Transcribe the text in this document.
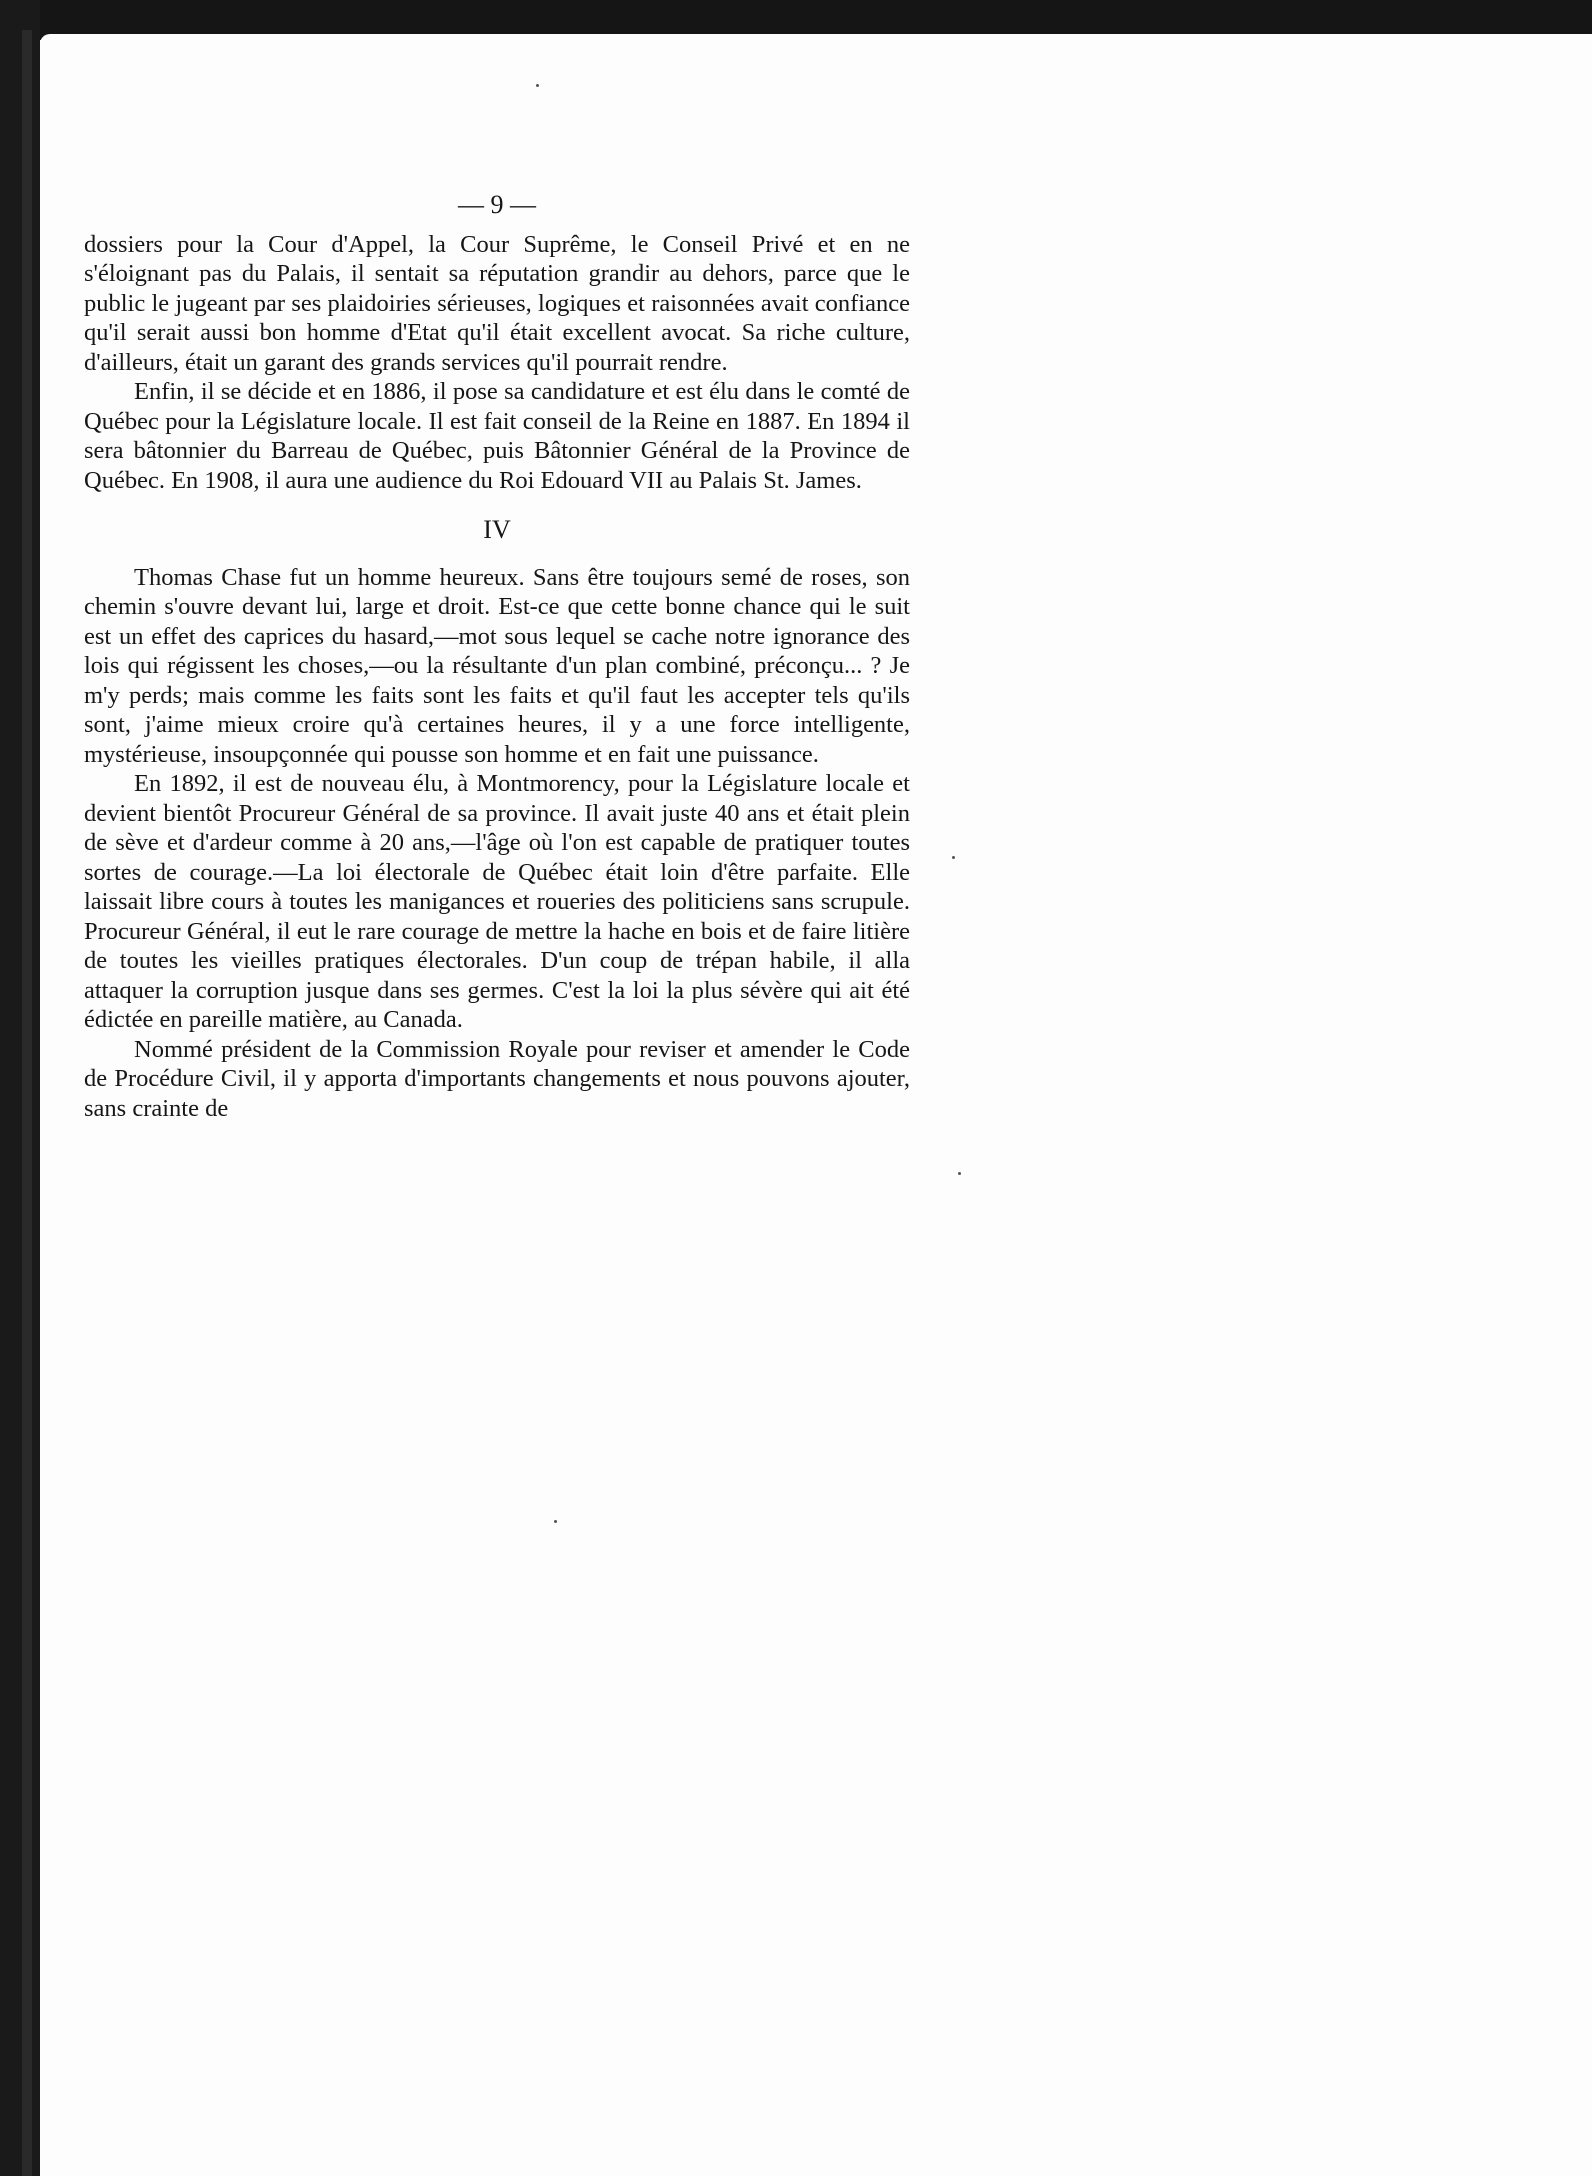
— 9 —

dossiers pour la Cour d'Appel, la Cour Suprême, le Conseil Privé et en ne s'éloignant pas du Palais, il sentait sa réputation grandir au dehors, parce que le public le jugeant par ses plaidoiries sérieuses, logiques et raisonnées avait confiance qu'il serait aussi bon homme d'Etat qu'il était excellent avocat. Sa riche culture, d'ailleurs, était un garant des grands services qu'il pourrait rendre.

Enfin, il se décide et en 1886, il pose sa candidature et est élu dans le comté de Québec pour la Législature locale. Il est fait conseil de la Reine en 1887. En 1894 il sera bâtonnier du Barreau de Québec, puis Bâtonnier Général de la Province de Québec. En 1908, il aura une audience du Roi Edouard VII au Palais St. James.

IV

Thomas Chase fut un homme heureux. Sans être toujours semé de roses, son chemin s'ouvre devant lui, large et droit. Est-ce que cette bonne chance qui le suit est un effet des caprices du hasard,—mot sous lequel se cache notre ignorance des lois qui régissent les choses,—ou la résultante d'un plan combiné, préconçu... ? Je m'y perds; mais comme les faits sont les faits et qu'il faut les accepter tels qu'ils sont, j'aime mieux croire qu'à certaines heures, il y a une force intelligente, mystérieuse, insoupçonnée qui pousse son homme et en fait une puissance.

En 1892, il est de nouveau élu, à Montmorency, pour la Législature locale et devient bientôt Procureur Général de sa province. Il avait juste 40 ans et était plein de sève et d'ardeur comme à 20 ans,—l'âge où l'on est capable de pratiquer toutes sortes de courage.—La loi électorale de Québec était loin d'être parfaite. Elle laissait libre cours à toutes les manigances et roueries des politiciens sans scrupule. Procureur Général, il eut le rare courage de mettre la hache en bois et de faire litière de toutes les vieilles pratiques électorales. D'un coup de trépan habile, il alla attaquer la corruption jusque dans ses germes. C'est la loi la plus sévère qui ait été édictée en pareille matière, au Canada.

Nommé président de la Commission Royale pour reviser et amender le Code de Procédure Civil, il y apporta d'importants changements et nous pouvons ajouter, sans crainte de
